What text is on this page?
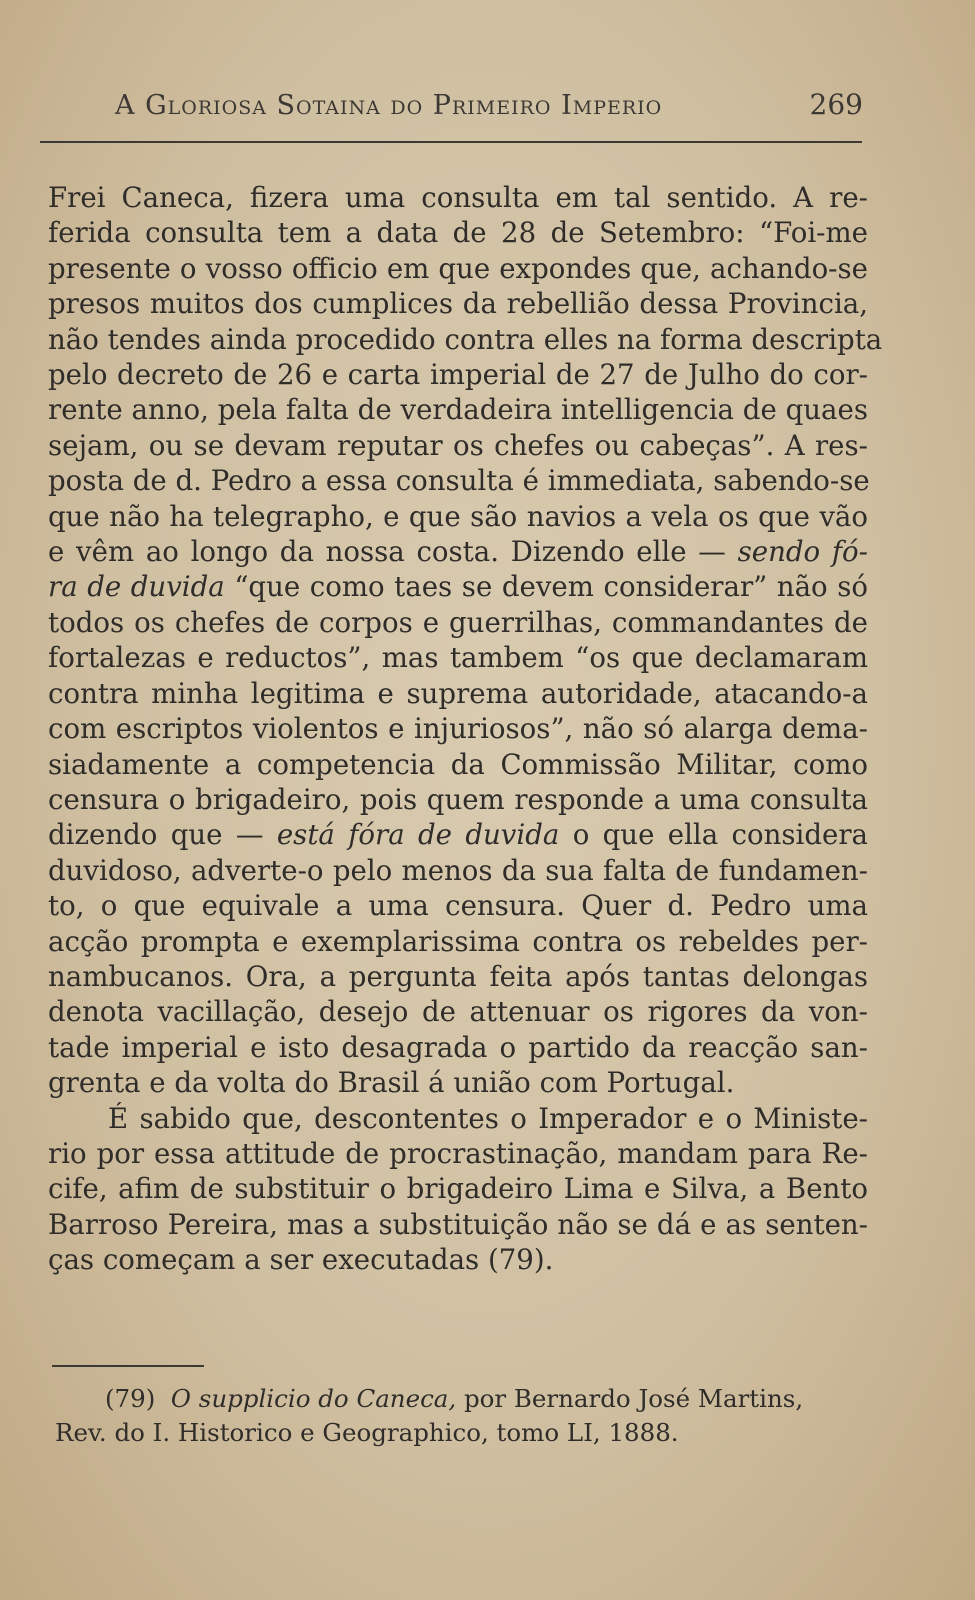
A Gloriosa Sotaina do Primeiro Imperio	269
Frei Caneca, fizera uma consulta em tal sentido. A re-
ferida consulta tem a data de 28 de Setembro: “Foi-me
presente o vosso officio em que expondes que, achando-se
presos muitos dos cumplices da rebellião dessa Provincia,
não tendes ainda procedido contra elles na forma descripta
pelo decreto de 26 e carta imperial de 27 de Julho do cor-
rente anno, pela falta de verdadeira intelligencia de quaes
sejam, ou se devam reputar os chefes ou cabeças”. A res-
posta de d. Pedro a essa consulta é immediata, sabendo-se
que não ha telegrapho, e que são navios a vela os que vão
e vêm ao longo da nossa costa. Dizendo elle — sendo fó-
ra de duvida “que como taes se devem considerar” não só
todos os chefes de corpos e guerrilhas, commandantes de
fortalezas e reductos”, mas tambem “os que declamaram
contra minha legitima e suprema autoridade, atacando-a
com escriptos violentos e injuriosos”, não só alarga dema-
siadamente a competencia da Commissão Militar, como
censura o brigadeiro, pois quem responde a uma consulta
dizendo que — está fóra de duvida o que ella considera
duvidoso, adverte-o pelo menos da sua falta de fundamen-
to, o que equivale a uma censura. Quer d. Pedro uma
acção prompta e exemplarissima contra os rebeldes per-
nambucanos. Ora, a pergunta feita após tantas delongas
denota vacillação, desejo de attenuar os rigores da von-
tade imperial e isto desagrada o partido da reacção san-
grenta e da volta do Brasil á união com Portugal.
É sabido que, descontentes o Imperador e o Ministe-
rio por essa attitude de procrastinação, mandam para Re-
cife, afim de substituir o brigadeiro Lima e Silva, a Bento
Barroso Pereira, mas a substituição não se dá e as senten-
ças começam a ser executadas (79).
(79) O supplicio do Caneca, por Bernardo José Martins,
Rev. do I. Historico e Geographico, tomo LI, 1888.
